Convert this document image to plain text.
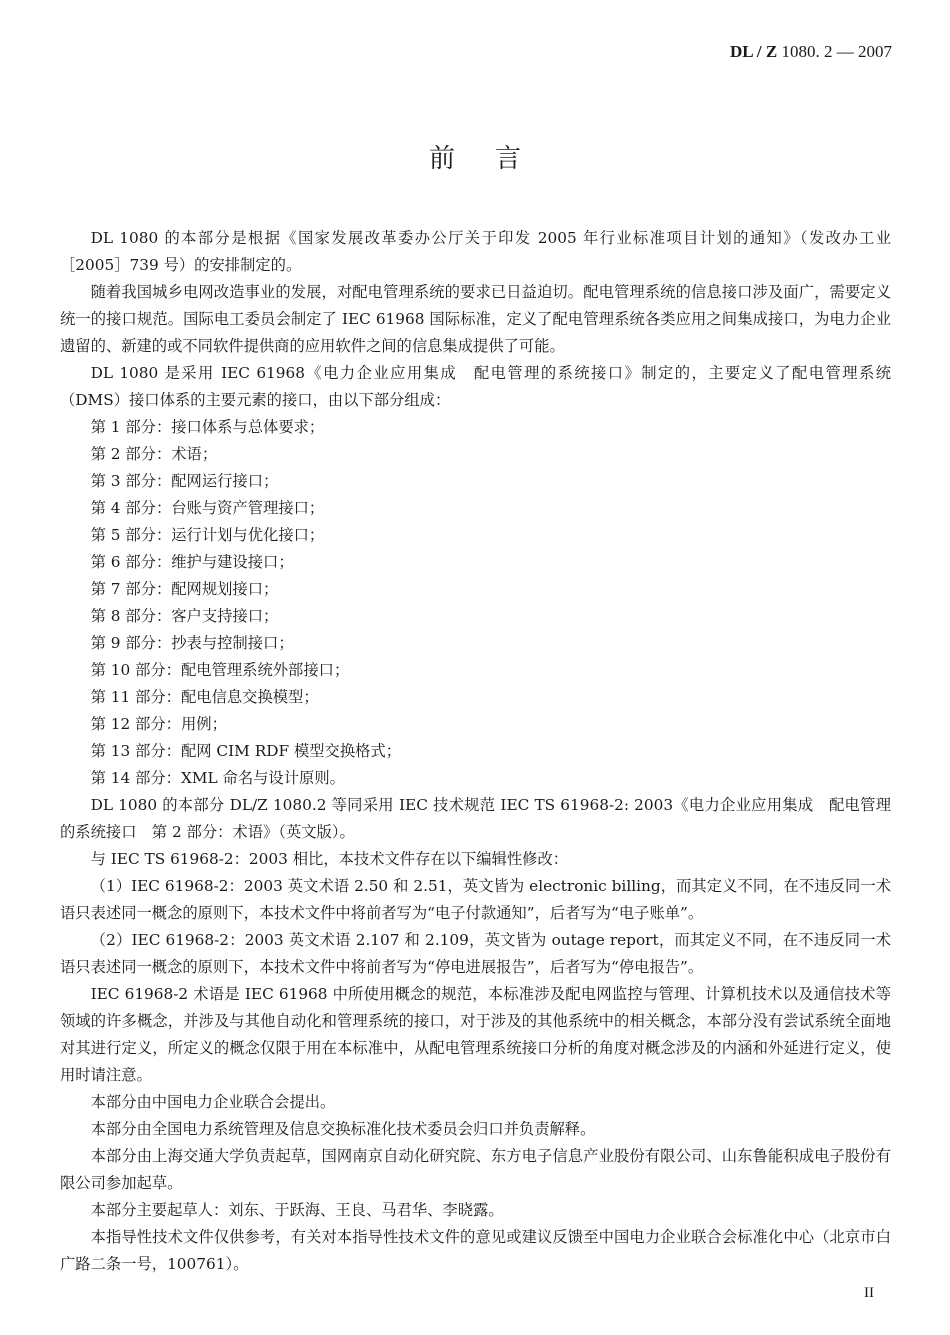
DL / Z 1080. 2 — 2007
前言

DL 1080 的本部分是根据《国家发展改革委办公厅关于印发 2005 年行业标准项目计划的通知》（发改办工业［2005］739 号）的安排制定的。

随着我国城乡电网改造事业的发展，对配电管理系统的要求已日益迫切。配电管理系统的信息接口涉及面广，需要定义统一的接口规范。国际电工委员会制定了 IEC 61968 国际标准，定义了配电管理系统各类应用之间集成接口，为电力企业遗留的、新建的或不同软件提供商的应用软件之间的信息集成提供了可能。

DL 1080 是采用 IEC 61968《电力企业应用集成　配电管理的系统接口》制定的，主要定义了配电管理系统（DMS）接口体系的主要元素的接口，由以下部分组成：

第 1 部分：接口体系与总体要求；

第 2 部分：术语；

第 3 部分：配网运行接口；

第 4 部分：台账与资产管理接口；

第 5 部分：运行计划与优化接口；

第 6 部分：维护与建设接口；

第 7 部分：配网规划接口；

第 8 部分：客户支持接口；

第 9 部分：抄表与控制接口；

第 10 部分：配电管理系统外部接口；

第 11 部分：配电信息交换模型；

第 12 部分：用例；

第 13 部分：配网 CIM RDF 模型交换格式；

第 14 部分：XML 命名与设计原则。

DL 1080 的本部分 DL/Z 1080.2 等同采用 IEC 技术规范 IEC TS 61968-2: 2003《电力企业应用集成　配电管理的系统接口　第 2 部分：术语》（英文版）。

与 IEC TS 61968-2：2003 相比，本技术文件存在以下编辑性修改：

（1）IEC 61968-2：2003 英文术语 2.50 和 2.51，英文皆为 electronic billing，而其定义不同，在不违反同一术语只表述同一概念的原则下，本技术文件中将前者写为“电子付款通知”，后者写为“电子账单”。

（2）IEC 61968-2：2003 英文术语 2.107 和 2.109，英文皆为 outage report，而其定义不同，在不违反同一术语只表述同一概念的原则下，本技术文件中将前者写为“停电进展报告”，后者写为“停电报告”。

IEC 61968-2 术语是 IEC 61968 中所使用概念的规范，本标准涉及配电网监控与管理、计算机技术以及通信技术等领域的许多概念，并涉及与其他自动化和管理系统的接口，对于涉及的其他系统中的相关概念，本部分没有尝试系统全面地对其进行定义，所定义的概念仅限于用在本标准中，从配电管理系统接口分析的角度对概念涉及的内涵和外延进行定义，使用时请注意。

本部分由中国电力企业联合会提出。

本部分由全国电力系统管理及信息交换标准化技术委员会归口并负责解释。

本部分由上海交通大学负责起草，国网南京自动化研究院、东方电子信息产业股份有限公司、山东鲁能积成电子股份有限公司参加起草。

本部分主要起草人：刘东、于跃海、王良、马君华、李晓露。

本指导性技术文件仅供参考，有关对本指导性技术文件的意见或建议反馈至中国电力企业联合会标准化中心（北京市白广路二条一号，100761）。

II
